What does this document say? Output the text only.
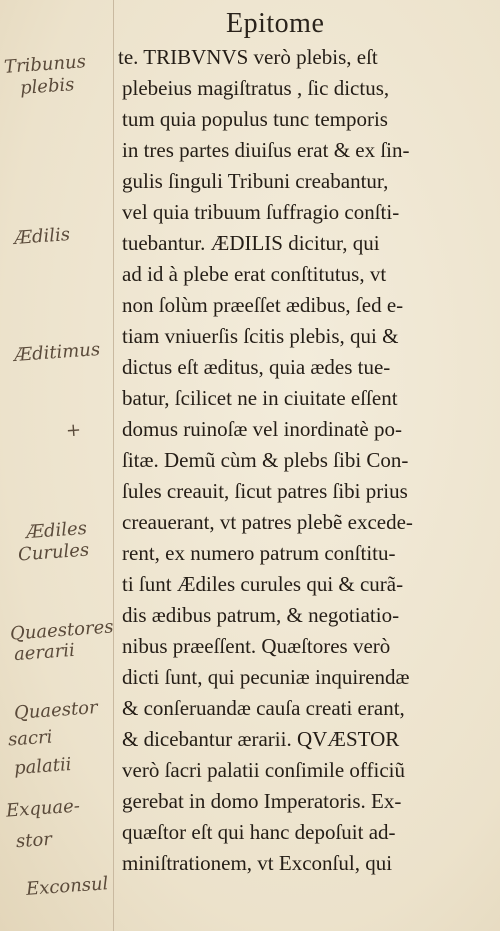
Epitome
te. TRIBVNVS verò plebis, eſt
plebeius magiſtratus , ſic dictus,
tum quia populus tunc temporis
in tres partes diuiſus erat & ex ſin-
gulis ſinguli Tribuni creabantur,
vel quia tribuum ſuffragio conſti-
tuebantur. ÆDILIS dicitur, qui
ad id à plebe erat conſtitutus, vt
non ſolùm præeſſet ædibus, ſed e-
tiam vniuerſis ſcitis plebis, qui &
dictus eſt æditus, quia ædes tue-
batur, ſcilicet ne in ciuitate eſſent
domus ruinoſæ vel inordinatè po-
ſitæ. Demũ cùm & plebs ſibi Con-
ſules creauit, ſicut patres ſibi prius
creauerant, vt patres plebẽ excede-
rent, ex numero patrum conſtitu-
ti ſunt Ædiles curules qui & curã-
dis ædibus patrum, & negotiatio-
nibus præeſſent. Quæſtores verò
dicti ſunt, qui pecuniæ inquirendæ
& conſeruandæ cauſa creati erant,
& dicebantur ærarii. QVÆSTOR
verò ſacri palatii conſimile officiũ
gerebat in domo Imperatoris. Ex-
quæſtor eſt qui hanc depoſuit ad-
miniſtrationem, vt Exconſul, qui
Tribunus
plebis
Ædilis
Æditimus
+
Ædiles
Curules
Quaestores
aerarii
Quaestor
sacri
palatii
Exquae-
stor
Exconsul
